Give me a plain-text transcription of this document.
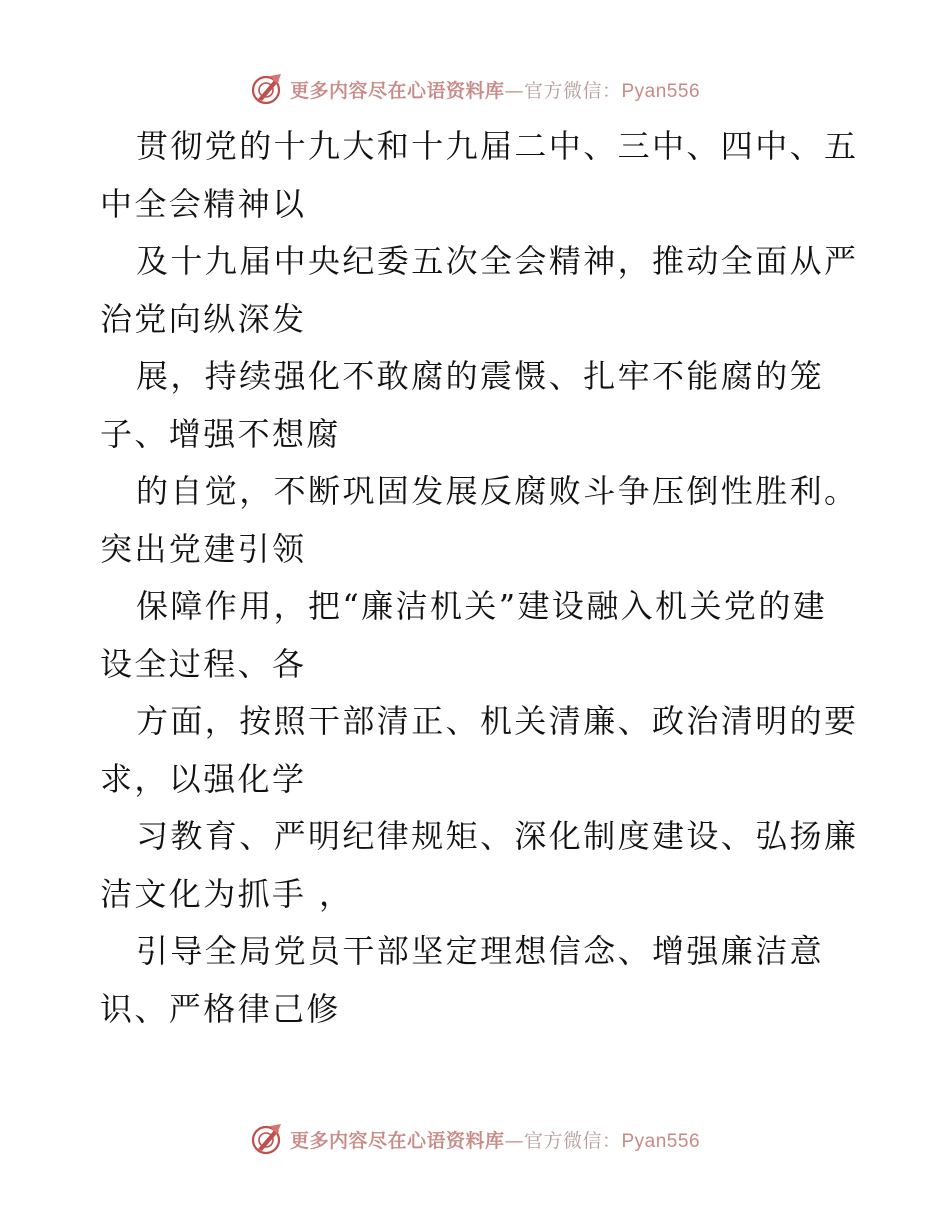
更多内容尽在心语资料库—官方微信：Pyan556

贯彻党的十九大和十九届二中、三中、四中、五
中全会精神以

及十九届中央纪委五次全会精神，推动全面从严
治党向纵深发

展，持续强化不敢腐的震慑、扎牢不能腐的笼
子、增强不想腐

的自觉，不断巩固发展反腐败斗争压倒性胜利。
突出党建引领

保障作用，把“廉洁机关”建设融入机关党的建
设全过程、各

方面，按照干部清正、机关清廉、政治清明的要
求，以强化学

习教育、严明纪律规矩、深化制度建设、弘扬廉
洁文化为抓手 ，

引导全局党员干部坚定理想信念、增强廉洁意
识、严格律己修

更多内容尽在心语资料库—官方微信：Pyan556
